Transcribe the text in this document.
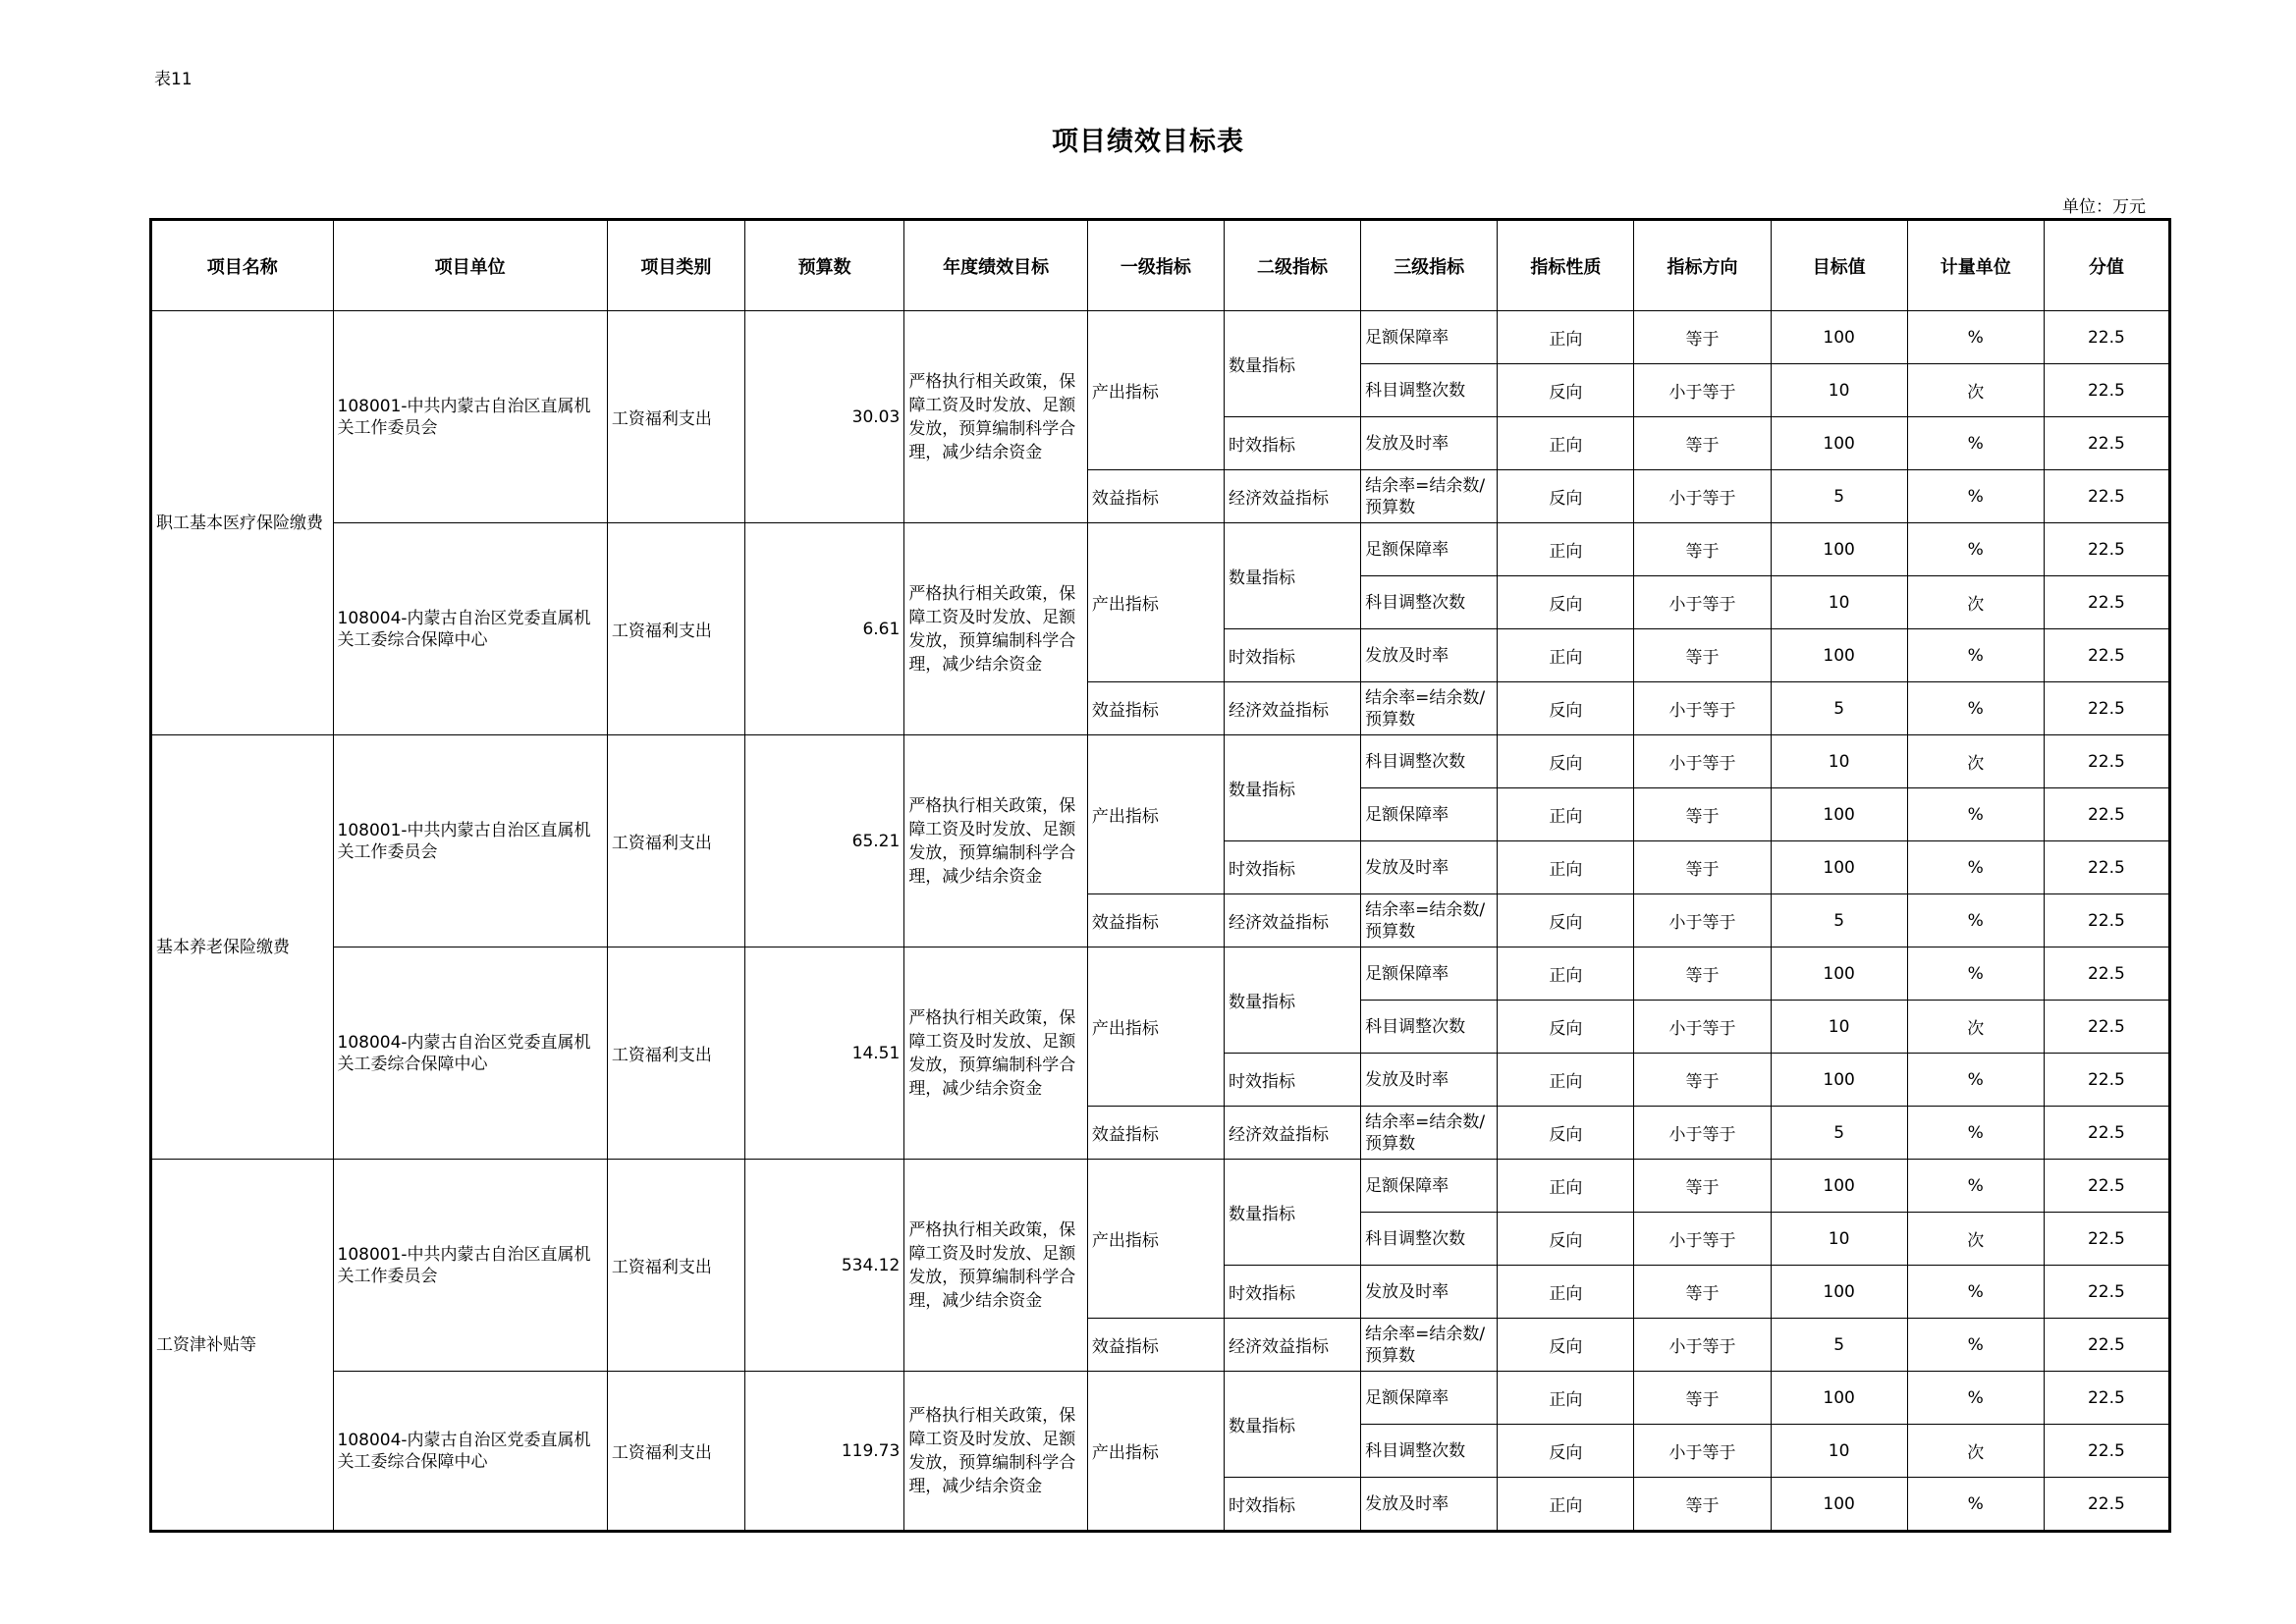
表11
项目绩效目标表
单位：万元
项目名称	项目单位	项目类别	预算数	年度绩效目标	一级指标	二级指标	三级指标	指标性质	指标方向	目标值	计量单位	分值
职工基本医疗保险缴费	108001-中共内蒙古自治区直属机关工作委员会	工资福利支出	30.03	严格执行相关政策，保障工资及时发放、足额发放，预算编制科学合理，减少结余资金	产出指标	数量指标	足额保障率	正向	等于	100	%	22.5
							科目调整次数	反向	小于等于	10	次	22.5
						时效指标	发放及时率	正向	等于	100	%	22.5
					效益指标	经济效益指标	结余率=结余数/预算数	反向	小于等于	5	%	22.5
	108004-内蒙古自治区党委直属机关工委综合保障中心	工资福利支出	6.61	严格执行相关政策，保障工资及时发放、足额发放，预算编制科学合理，减少结余资金	产出指标	数量指标	足额保障率	正向	等于	100	%	22.5
							科目调整次数	反向	小于等于	10	次	22.5
						时效指标	发放及时率	正向	等于	100	%	22.5
					效益指标	经济效益指标	结余率=结余数/预算数	反向	小于等于	5	%	22.5
基本养老保险缴费	108001-中共内蒙古自治区直属机关工作委员会	工资福利支出	65.21	严格执行相关政策，保障工资及时发放、足额发放，预算编制科学合理，减少结余资金	产出指标	数量指标	科目调整次数	反向	小于等于	10	次	22.5
							足额保障率	正向	等于	100	%	22.5
						时效指标	发放及时率	正向	等于	100	%	22.5
					效益指标	经济效益指标	结余率=结余数/预算数	反向	小于等于	5	%	22.5
	108004-内蒙古自治区党委直属机关工委综合保障中心	工资福利支出	14.51	严格执行相关政策，保障工资及时发放、足额发放，预算编制科学合理，减少结余资金	产出指标	数量指标	足额保障率	正向	等于	100	%	22.5
							科目调整次数	反向	小于等于	10	次	22.5
						时效指标	发放及时率	正向	等于	100	%	22.5
					效益指标	经济效益指标	结余率=结余数/预算数	反向	小于等于	5	%	22.5
工资津补贴等	108001-中共内蒙古自治区直属机关工作委员会	工资福利支出	534.12	严格执行相关政策，保障工资及时发放、足额发放，预算编制科学合理，减少结余资金	产出指标	数量指标	足额保障率	正向	等于	100	%	22.5
							科目调整次数	反向	小于等于	10	次	22.5
						时效指标	发放及时率	正向	等于	100	%	22.5
					效益指标	经济效益指标	结余率=结余数/预算数	反向	小于等于	5	%	22.5
	108004-内蒙古自治区党委直属机关工委综合保障中心	工资福利支出	119.73	严格执行相关政策，保障工资及时发放、足额发放，预算编制科学合理，减少结余资金	产出指标	数量指标	足额保障率	正向	等于	100	%	22.5
							科目调整次数	反向	小于等于	10	次	22.5
						时效指标	发放及时率	正向	等于	100	%	22.5
